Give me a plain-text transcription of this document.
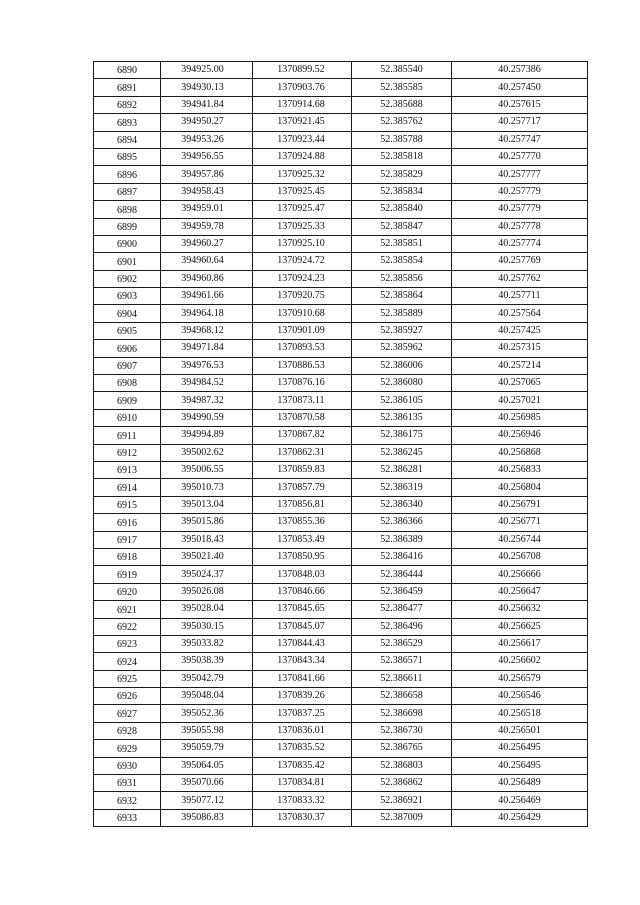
6890	394925.00	1370899.52	52.385540	40.257386
6891	394930.13	1370903.76	52.385585	40.257450
6892	394941.84	1370914.68	52.385688	40.257615
6893	394950.27	1370921.45	52.385762	40.257717
6894	394953.26	1370923.44	52.385788	40.257747
6895	394956.55	1370924.88	52.385818	40.257770
6896	394957.86	1370925.32	52.385829	40.257777
6897	394958.43	1370925.45	52.385834	40.257779
6898	394959.01	1370925.47	52.385840	40.257779
6899	394959.78	1370925.33	52.385847	40.257778
6900	394960.27	1370925.10	52.385851	40.257774
6901	394960.64	1370924.72	52.385854	40.257769
6902	394960.86	1370924.23	52.385856	40.257762
6903	394961.66	1370920.75	52.385864	40.257711
6904	394964.18	1370910.68	52.385889	40.257564
6905	394968.12	1370901.09	52.385927	40.257425
6906	394971.84	1370893.53	52.385962	40.257315
6907	394976.53	1370886.53	52.386006	40.257214
6908	394984.52	1370876.16	52.386080	40.257065
6909	394987.32	1370873.11	52.386105	40.257021
6910	394990.59	1370870.58	52.386135	40.256985
6911	394994.89	1370867.82	52.386175	40.256946
6912	395002.62	1370862.31	52.386245	40.256868
6913	395006.55	1370859.83	52.386281	40.256833
6914	395010.73	1370857.79	52.386319	40.256804
6915	395013.04	1370856.81	52.386340	40.256791
6916	395015.86	1370855.36	52.386366	40.256771
6917	395018.43	1370853.49	52.386389	40.256744
6918	395021.40	1370850.95	52.386416	40.256708
6919	395024.37	1370848.03	52.386444	40.256666
6920	395026.08	1370846.66	52.386459	40.256647
6921	395028.04	1370845.65	52.386477	40.256632
6922	395030.15	1370845.07	52.386496	40.256625
6923	395033.82	1370844.43	52.386529	40.256617
6924	395038.39	1370843.34	52.386571	40.256602
6925	395042.79	1370841.66	52.386611	40.256579
6926	395048.04	1370839.26	52.386658	40.256546
6927	395052.36	1370837.25	52.386698	40.256518
6928	395055.98	1370836.01	52.386730	40.256501
6929	395059.79	1370835.52	52.386765	40.256495
6930	395064.05	1370835.42	52.386803	40.256495
6931	395070.66	1370834.81	52.386862	40.256489
6932	395077.12	1370833.32	52.386921	40.256469
6933	395086.83	1370830.37	52.387009	40.256429
